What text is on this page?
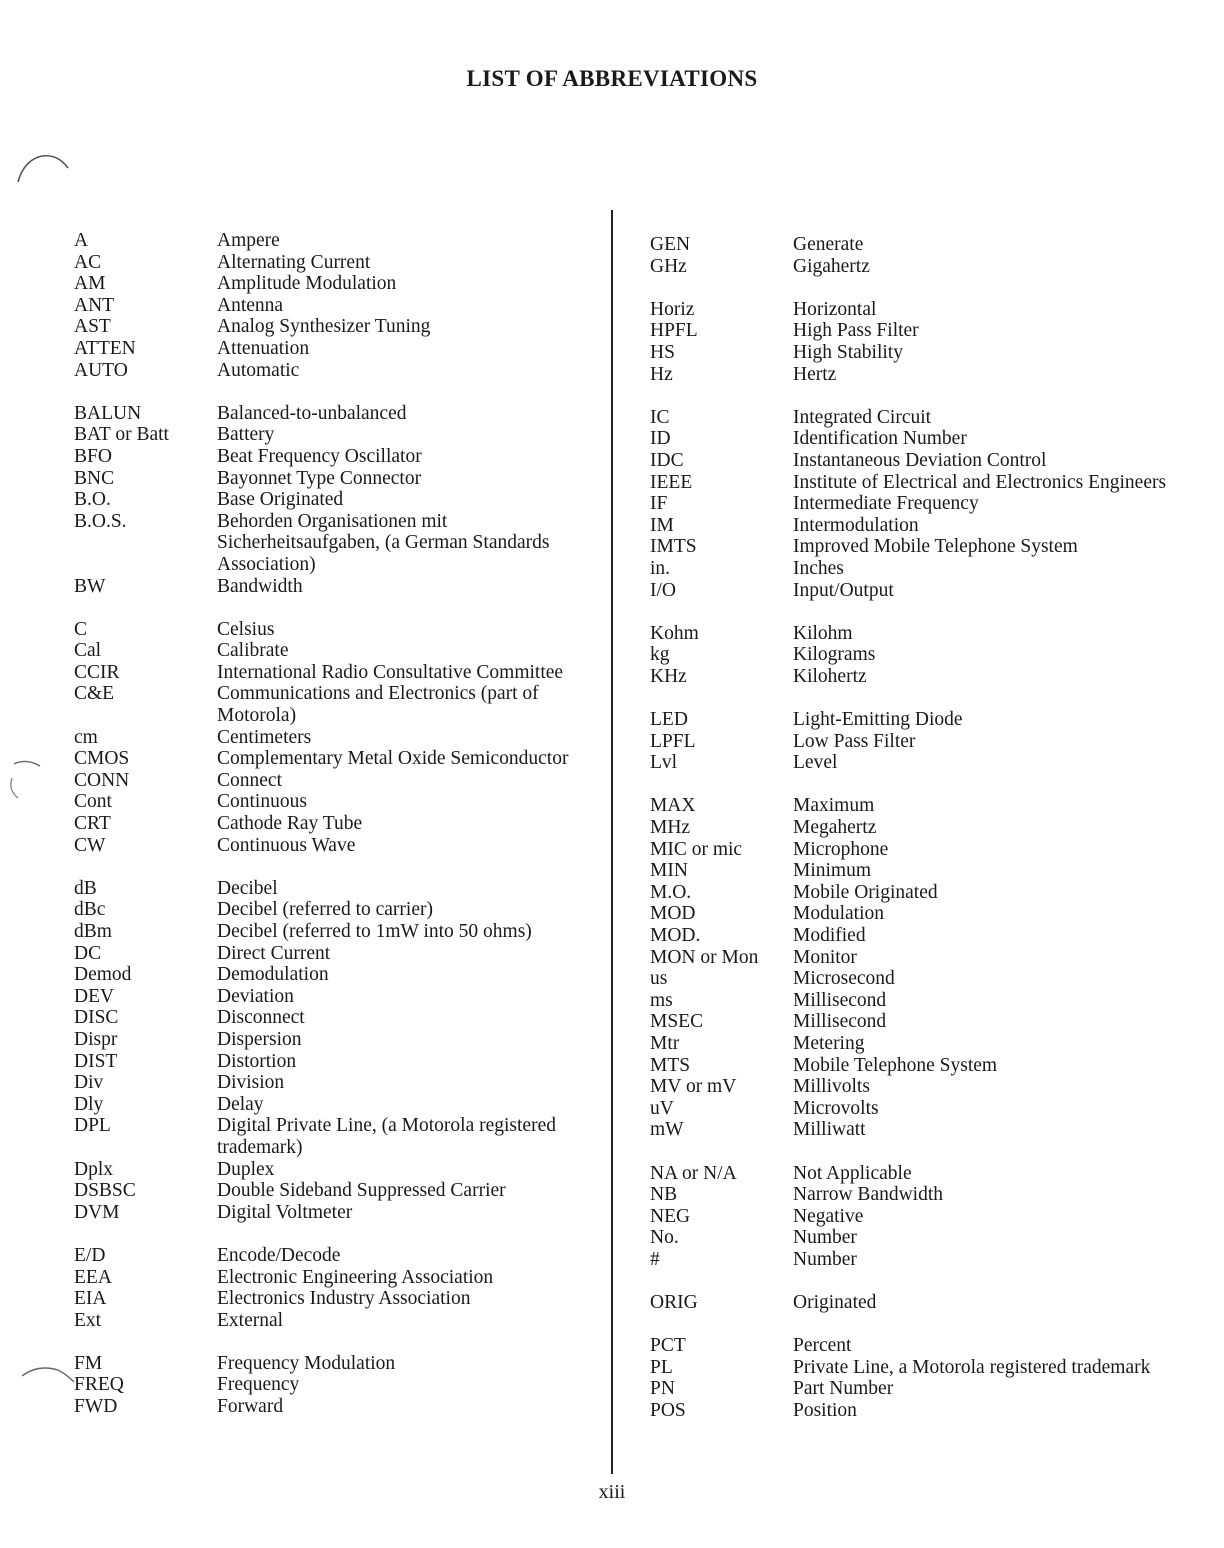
LIST OF ABBREVIATIONS
A	Ampere
AC	Alternating Current
AM	Amplitude Modulation
ANT	Antenna
AST	Analog Synthesizer Tuning
ATTEN	Attenuation
AUTO	Automatic
BALUN	Balanced-to-unbalanced
BAT or Batt	Battery
BFO	Beat Frequency Oscillator
BNC	Bayonnet Type Connector
B.O.	Base Originated
B.O.S.	Behorden Organisationen mit Sicherheitsaufgaben, (a German Standards Association)
BW	Bandwidth
C	Celsius
Cal	Calibrate
CCIR	International Radio Consultative Committee
C&E	Communications and Electronics (part of Motorola)
cm	Centimeters
CMOS	Complementary Metal Oxide Semiconductor
CONN	Connect
Cont	Continuous
CRT	Cathode Ray Tube
CW	Continuous Wave
dB	Decibel
dBc	Decibel (referred to carrier)
dBm	Decibel (referred to 1mW into 50 ohms)
DC	Direct Current
Demod	Demodulation
DEV	Deviation
DISC	Disconnect
Dispr	Dispersion
DIST	Distortion
Div	Division
Dly	Delay
DPL	Digital Private Line, (a Motorola registered trademark)
Dplx	Duplex
DSBSC	Double Sideband Suppressed Carrier
DVM	Digital Voltmeter
E/D	Encode/Decode
EEA	Electronic Engineering Association
EIA	Electronics Industry Association
Ext	External
FM	Frequency Modulation
FREQ	Frequency
FWD	Forward
GEN	Generate
GHz	Gigahertz
Horiz	Horizontal
HPFL	High Pass Filter
HS	High Stability
Hz	Hertz
IC	Integrated Circuit
ID	Identification Number
IDC	Instantaneous Deviation Control
IEEE	Institute of Electrical and Electronics Engineers
IF	Intermediate Frequency
IM	Intermodulation
IMTS	Improved Mobile Telephone System
in.	Inches
I/O	Input/Output
Kohm	Kilohm
kg	Kilograms
KHz	Kilohertz
LED	Light-Emitting Diode
LPFL	Low Pass Filter
Lvl	Level
MAX	Maximum
MHz	Megahertz
MIC or mic	Microphone
MIN	Minimum
M.O.	Mobile Originated
MOD	Modulation
MOD.	Modified
MON or Mon	Monitor
us	Microsecond
ms	Millisecond
MSEC	Millisecond
Mtr	Metering
MTS	Mobile Telephone System
MV or mV	Millivolts
uV	Microvolts
mW	Milliwatt
NA or N/A	Not Applicable
NB	Narrow Bandwidth
NEG	Negative
No.	Number
#	Number
ORIG	Originated
PCT	Percent
PL	Private Line, a Motorola registered trademark
PN	Part Number
POS	Position
xiii
